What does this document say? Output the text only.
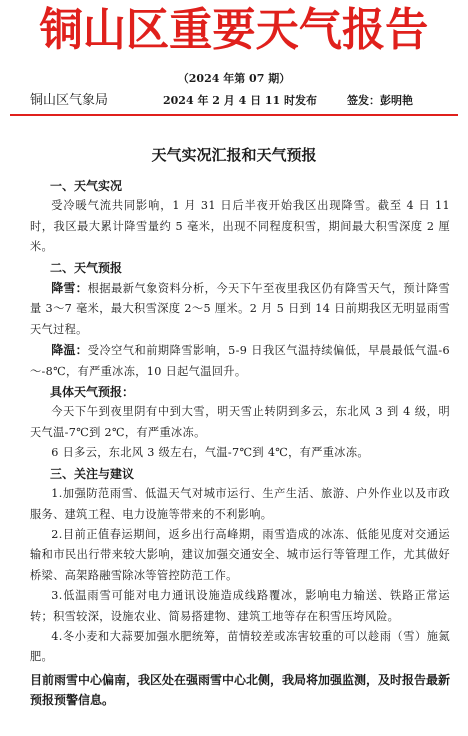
铜山区重要天气报告
（2024 年第 07 期）
铜山区气象局	2024 年 2 月 4 日 11 时发布	签发：彭明艳
天气实况汇报和天气预报

一、天气实况

受冷暖气流共同影响，1 月 31 日后半夜开始我区出现降雪。截至 4 日 11 时，我区最大累计降雪量约 5 毫米，出现不同程度积雪，期间最大积雪深度 2 厘米。

二、天气预报

降雪：根据最新气象资料分析，今天下午至夜里我区仍有降雪天气，预计降雪量 3～7 毫米，最大积雪深度 2～5 厘米。2 月 5 日到 14 日前期我区无明显雨雪天气过程。

降温：受冷空气和前期降雪影响，5-9 日我区气温持续偏低，早晨最低气温-6～-8℃，有严重冰冻，10 日起气温回升。

具体天气预报：

今天下午到夜里阴有中到大雪，明天雪止转阴到多云，东北风 3 到 4 级，明天气温-7℃到 2℃，有严重冰冻。

6 日多云，东北风 3 级左右，气温-7℃到 4℃，有严重冰冻。

三、关注与建议

1.加强防范雨雪、低温天气对城市运行、生产生活、旅游、户外作业以及市政服务、建筑工程、电力设施等带来的不利影响。

2.目前正值春运期间，返乡出行高峰期，雨雪造成的冰冻、低能见度对交通运输和市民出行带来较大影响，建议加强交通安全、城市运行等管理工作，尤其做好桥梁、高架路融雪除冰等管控防范工作。

3.低温雨雪可能对电力通讯设施造成线路覆冰，影响电力输送、铁路正常运转；积雪较深，设施农业、简易搭建物、建筑工地等存在积雪压垮风险。

4.冬小麦和大蒜要加强水肥统筹，苗情较差或冻害较重的可以趁雨（雪）施氮肥。

目前雨雪中心偏南，我区处在强雨雪中心北侧，我局将加强监测，及时报告最新预报预警信息。
